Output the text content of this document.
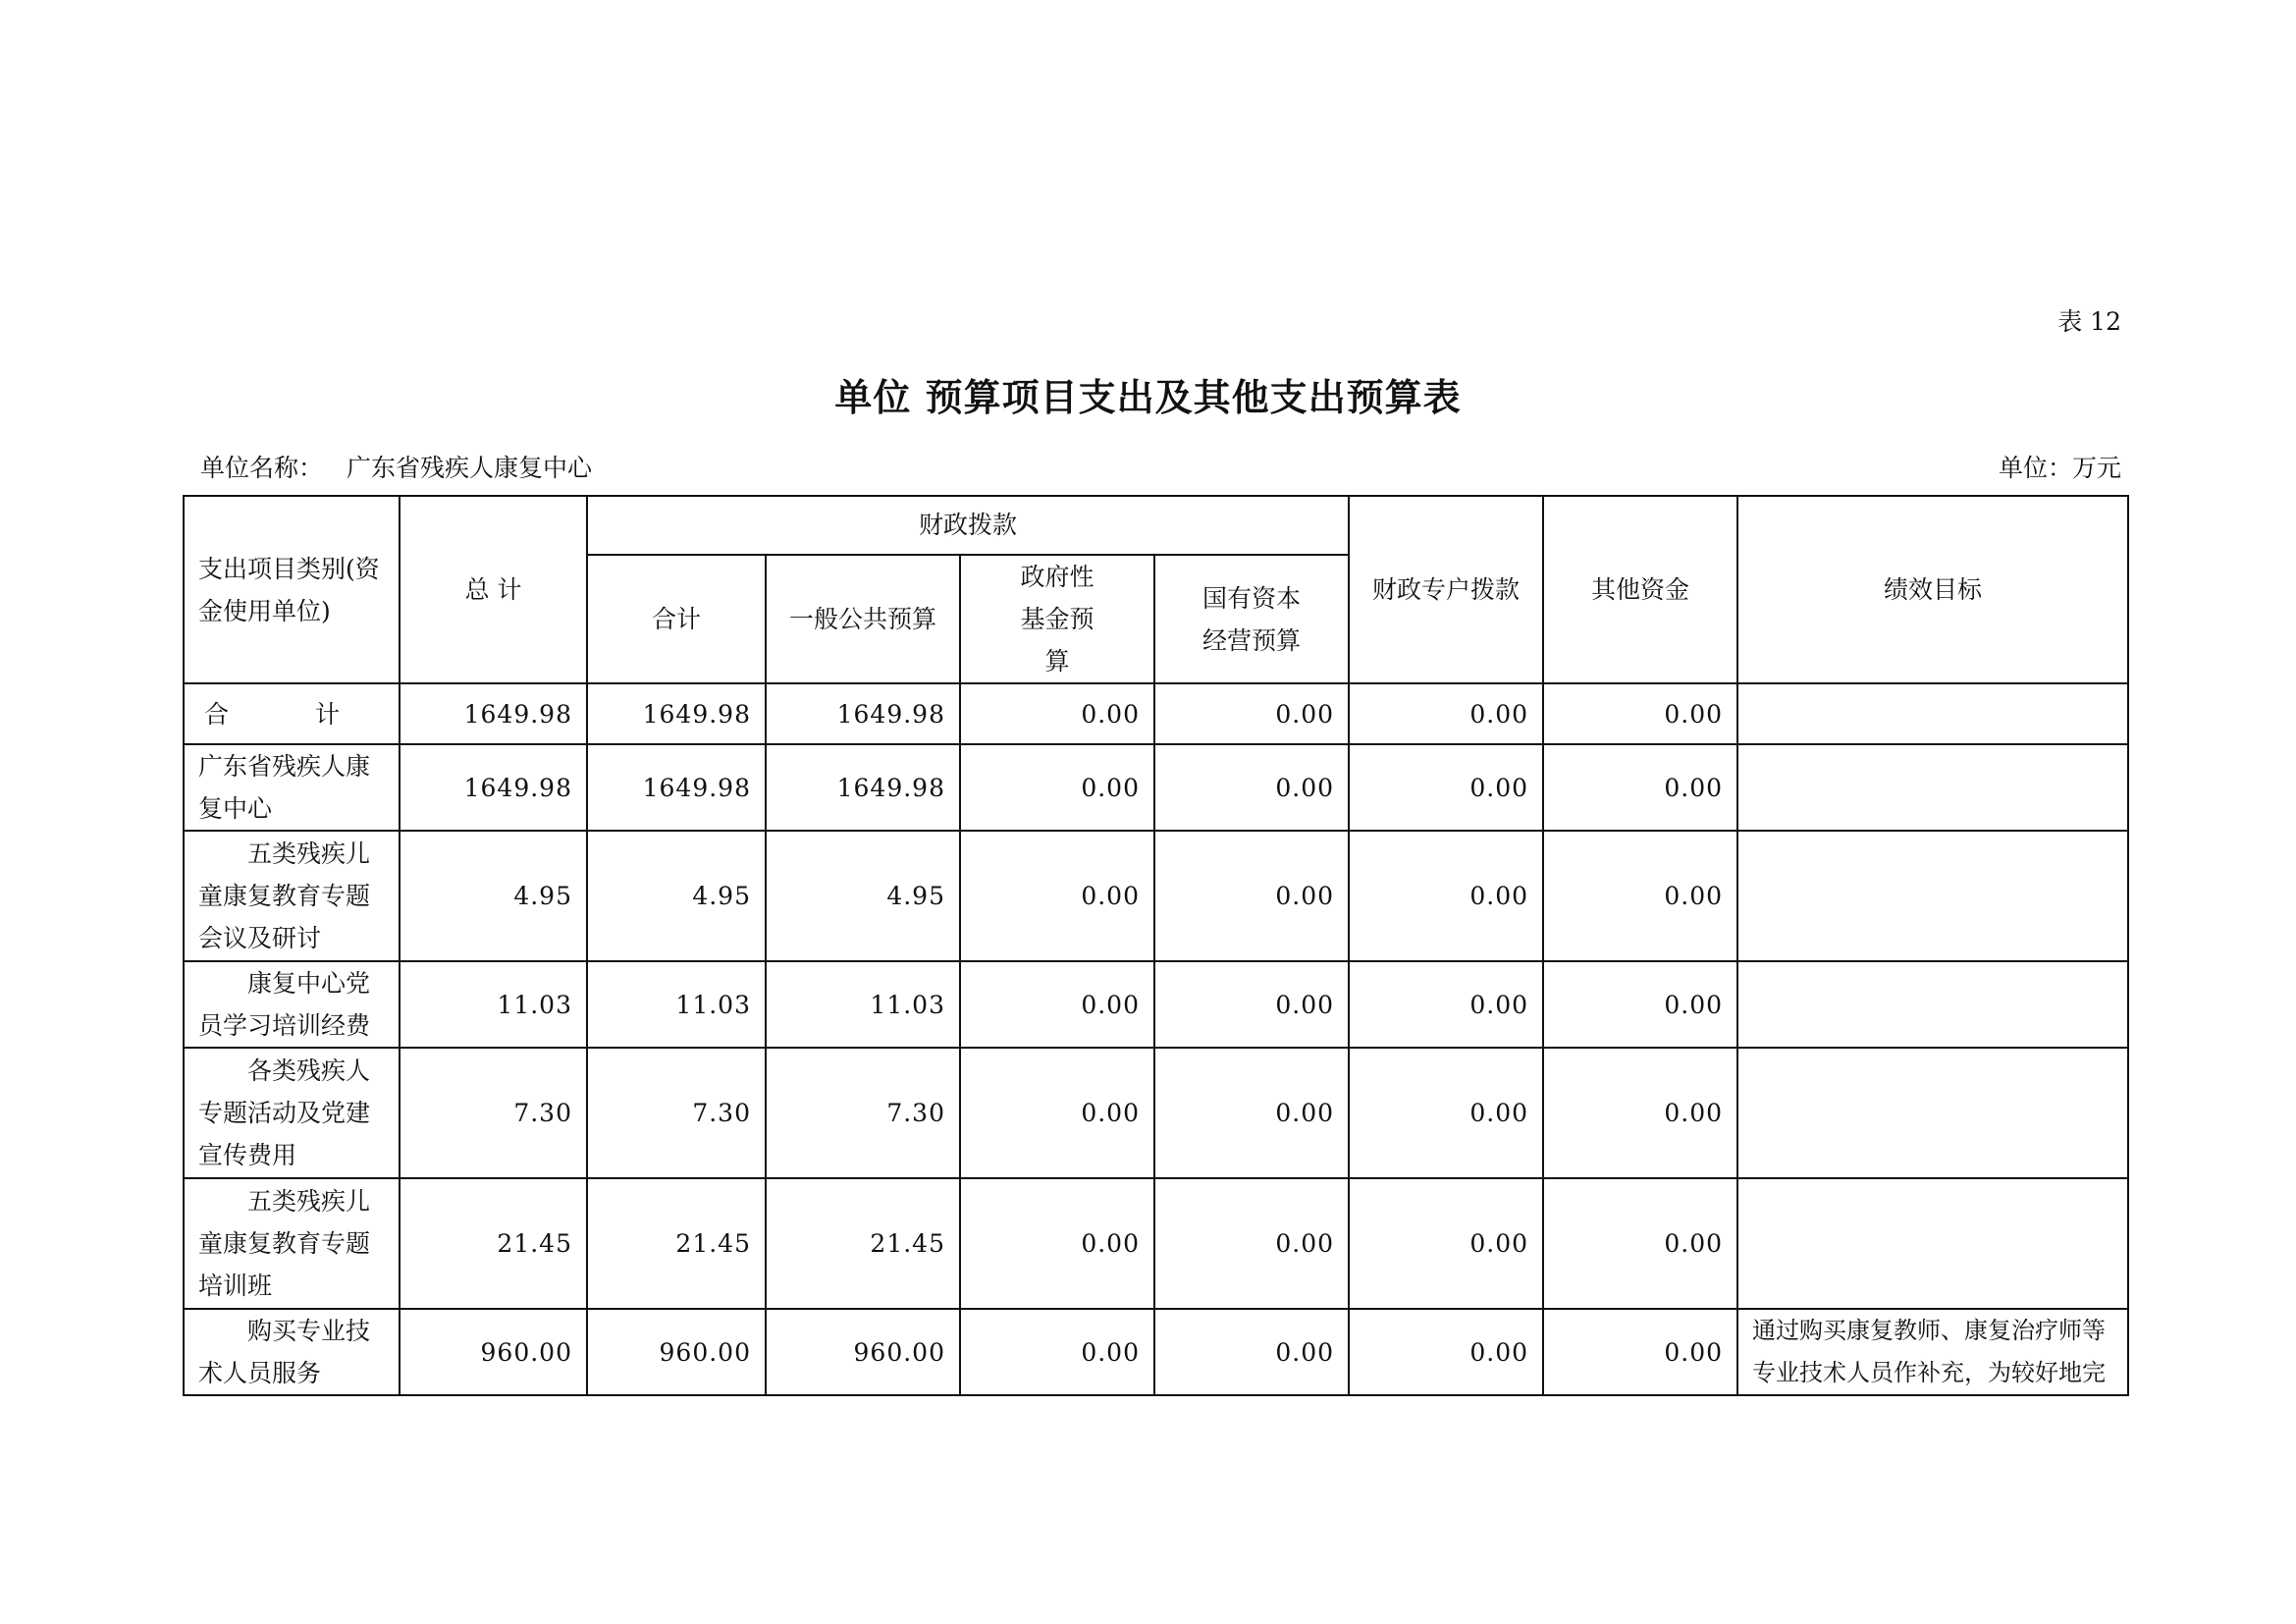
表 12
单位 预算项目支出及其他支出预算表
单位名称： 广东省残疾人康复中心	单位：万元
支出项目类别(资金使用单位)	总 计	财政拨款				财政专户拨款	其他资金	绩效目标
		合计	一般公共预算	政府性基金预算	国有资本经营预算			
合 计	1649.98	1649.98	1649.98	0.00	0.00	0.00	0.00	
广东省残疾人康复中心	1649.98	1649.98	1649.98	0.00	0.00	0.00	0.00	
五类残疾儿童康复教育专题会议及研讨	4.95	4.95	4.95	0.00	0.00	0.00	0.00	
康复中心党员学习培训经费	11.03	11.03	11.03	0.00	0.00	0.00	0.00	
各类残疾人专题活动及党建宣传费用	7.30	7.30	7.30	0.00	0.00	0.00	0.00	
五类残疾儿童康复教育专题培训班	21.45	21.45	21.45	0.00	0.00	0.00	0.00	
购买专业技术人员服务	960.00	960.00	960.00	0.00	0.00	0.00	0.00	通过购买康复教师、康复治疗师等专业技术人员作补充，为较好地完
